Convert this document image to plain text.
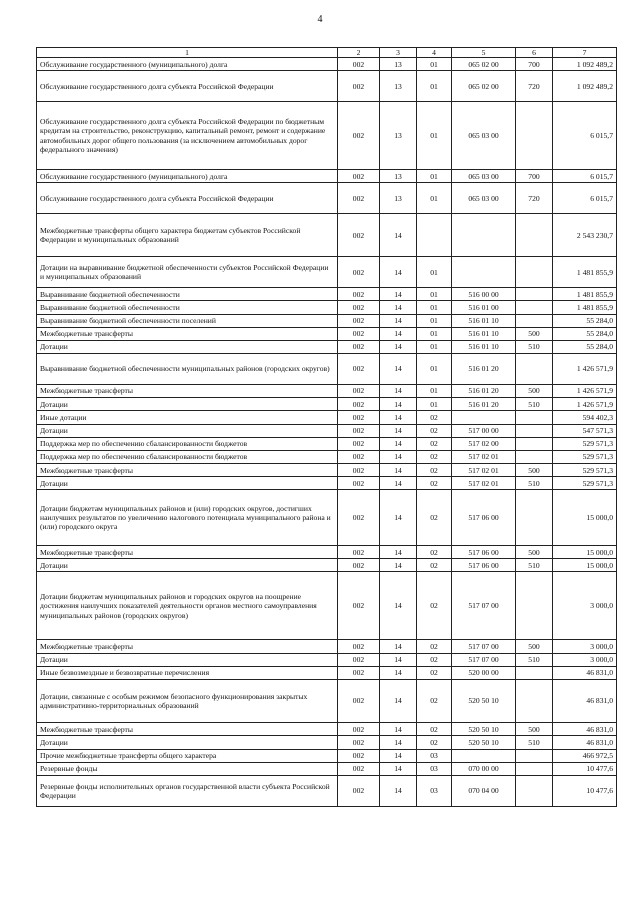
4
1	2	3	4	5	6	7
Обслуживание государственного (муниципального) долга	002	13	01	065 02 00	700	1 092 489,2
Обслуживание государственного долга субъекта Российской Федерации	002	13	01	065 02 00	720	1 092 489,2
Обслуживание государственного долга субъекта Российской Федерации по бюджетным кредитам на строительство, реконструкцию, капитальный ремонт, ремонт и содержание автомобильных дорог общего пользования (за исключением автомобильных дорог федерального значения)	002	13	01	065 03 00		6 015,7
Обслуживание государственного (муниципального) долга	002	13	01	065 03 00	700	6 015,7
Обслуживание государственного долга субъекта Российской Федерации	002	13	01	065 03 00	720	6 015,7
Межбюджетные трансферты общего характера бюджетам субъектов Российской Федерации и муниципальных образований	002	14				2 543 230,7
Дотации на выравнивание бюджетной обеспеченности субъектов Российской Федерации и муниципальных образований	002	14	01			1 481 855,9
Выравнивание бюджетной обеспеченности	002	14	01	516 00 00		1 481 855,9
Выравнивание бюджетной обеспеченности	002	14	01	516 01 00		1 481 855,9
Выравнивание бюджетной обеспеченности поселений	002	14	01	516 01 10		55 284,0
Межбюджетные трансферты	002	14	01	516 01 10	500	55 284,0
Дотации	002	14	01	516 01 10	510	55 284,0
Выравнивание бюджетной обеспеченности муниципальных районов (городских округов)	002	14	01	516 01 20		1 426 571,9
Межбюджетные трансферты	002	14	01	516 01 20	500	1 426 571,9
Дотации	002	14	01	516 01 20	510	1 426 571,9
Иные дотации	002	14	02			594 402,3
Дотации	002	14	02	517 00 00		547 571,3
Поддержка мер по обеспечению сбалансированности бюджетов	002	14	02	517 02 00		529 571,3
Поддержка мер по обеспечению сбалансированности бюджетов	002	14	02	517 02 01		529 571,3
Межбюджетные трансферты	002	14	02	517 02 01	500	529 571,3
Дотации	002	14	02	517 02 01	510	529 571,3
Дотации бюджетам муниципальных районов и (или) городских округов, достигших наилучших результатов по увеличению налогового потенциала муниципального района и (или) городского округа	002	14	02	517 06 00		15 000,0
Межбюджетные трансферты	002	14	02	517 06 00	500	15 000,0
Дотации	002	14	02	517 06 00	510	15 000,0
Дотации бюджетам муниципальных районов и городских округов на поощрение достижения наилучших показателей деятельности органов местного самоуправления муниципальных районов (городских округов)	002	14	02	517 07 00		3 000,0
Межбюджетные трансферты	002	14	02	517 07 00	500	3 000,0
Дотации	002	14	02	517 07 00	510	3 000,0
Иные безвозмездные и безвозвратные перечисления	002	14	02	520 00 00		46 831,0
Дотации, связанные с особым режимом безопасного функционирования закрытых административно-территориальных образований	002	14	02	520 50 10		46 831,0
Межбюджетные трансферты	002	14	02	520 50 10	500	46 831,0
Дотации	002	14	02	520 50 10	510	46 831,0
Прочие межбюджетные трансферты общего характера	002	14	03			466 972,5
Резервные фонды	002	14	03	070 00 00		10 477,6
Резервные фонды исполнительных органов государственной власти субъекта Российской Федерации	002	14	03	070 04 00		10 477,6
